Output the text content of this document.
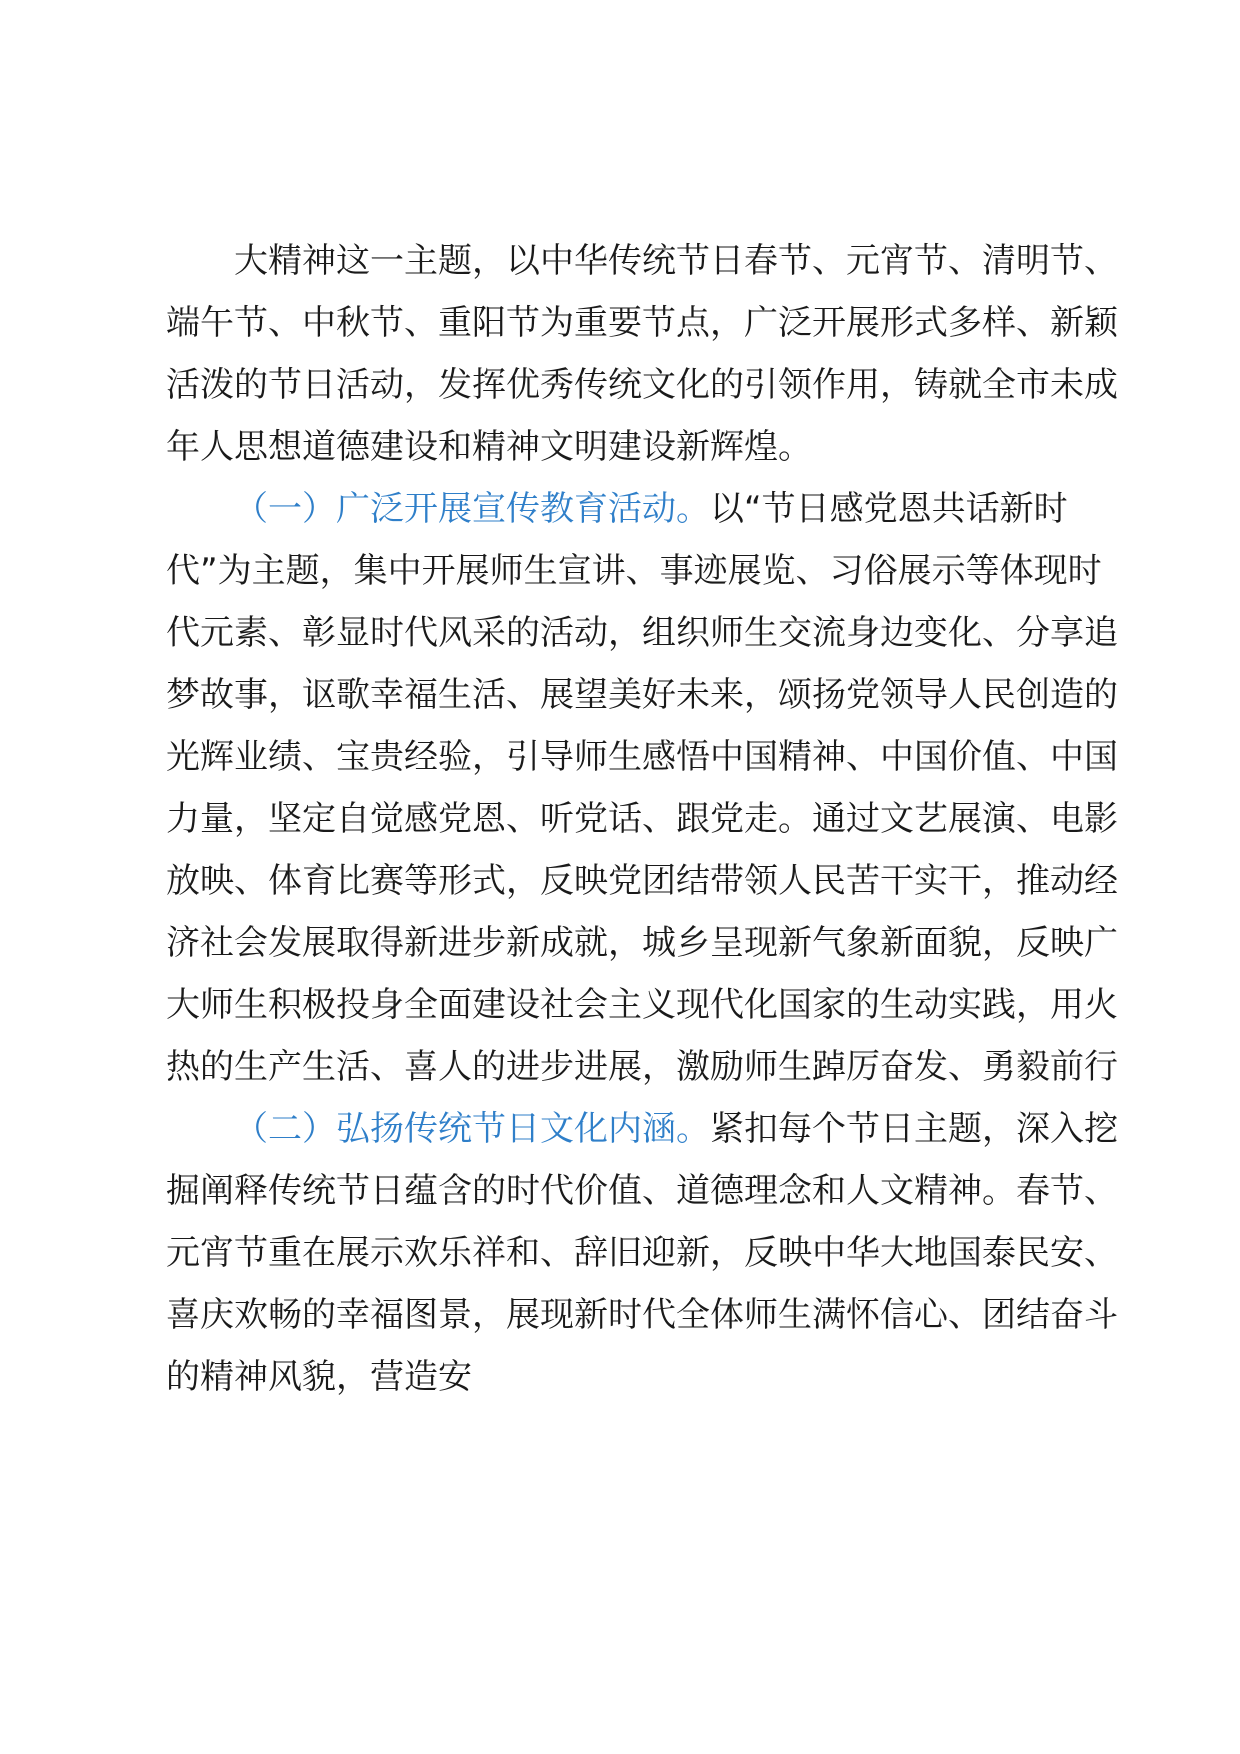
大精神这一主题，以中华传统节日春节、元宵节、清明节、
端午节、中秋节、重阳节为重要节点，广泛开展形式多样、新颖
活泼的节日活动，发挥优秀传统文化的引领作用，铸就全市未成
年人思想道德建设和精神文明建设新辉煌。
（一）广泛开展宣传教育活动。以“节日感党恩共话新时
代”为主题，集中开展师生宣讲、事迹展览、习俗展示等体现时
代元素、彰显时代风采的活动，组织师生交流身边变化、分享追
梦故事，讴歌幸福生活、展望美好未来，颂扬党领导人民创造的
光辉业绩、宝贵经验，引导师生感悟中国精神、中国价值、中国
力量，坚定自觉感党恩、听党话、跟党走。通过文艺展演、电影
放映、体育比赛等形式，反映党团结带领人民苦干实干，推动经
济社会发展取得新进步新成就，城乡呈现新气象新面貌，反映广
大师生积极投身全面建设社会主义现代化国家的生动实践，用火
热的生产生活、喜人的进步进展，激励师生踔厉奋发、勇毅前行
（二）弘扬传统节日文化内涵。紧扣每个节日主题，深入挖
掘阐释传统节日蕴含的时代价值、道德理念和人文精神。春节、
元宵节重在展示欢乐祥和、辞旧迎新，反映中华大地国泰民安、
喜庆欢畅的幸福图景，展现新时代全体师生满怀信心、团结奋斗
的精神风貌，营造安
